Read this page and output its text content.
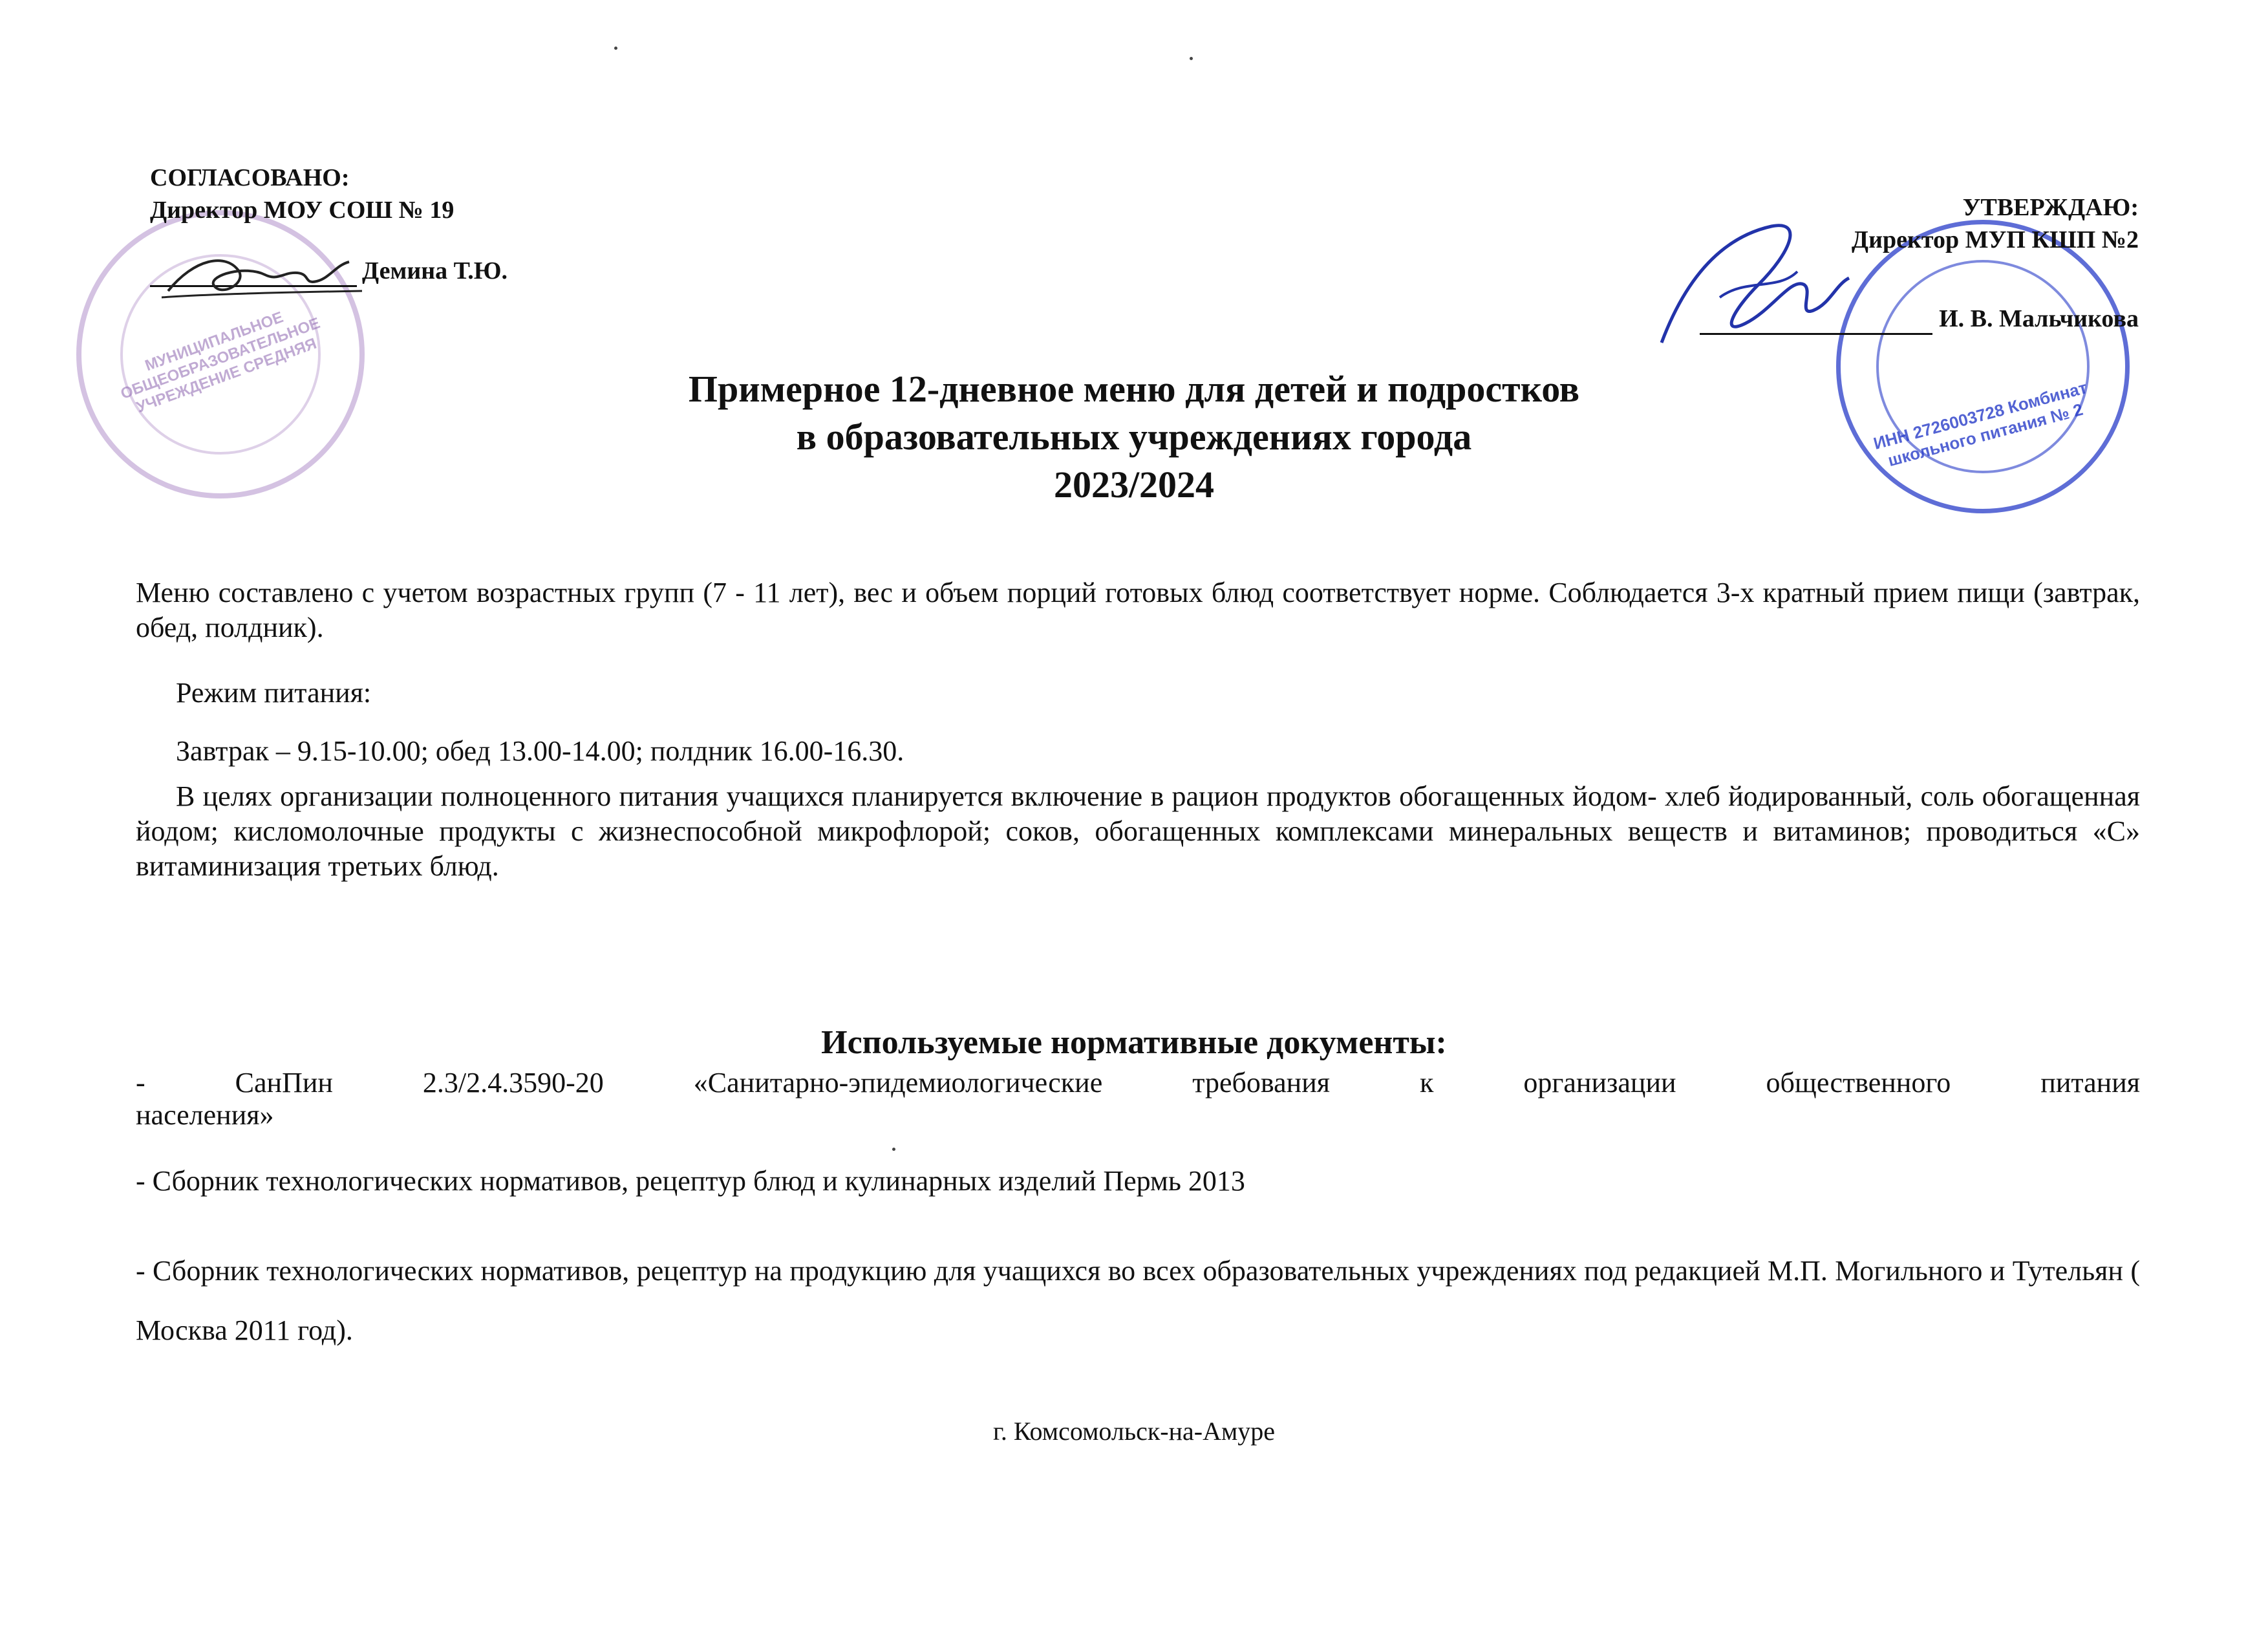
МУНИЦИПАЛЬНОЕ ОБЩЕОБРАЗОВАТЕЛЬНОЕ УЧРЕЖДЕНИЕ СРЕДНЯЯ	ИНН 2726003728 Комбинат школьного питания № 2
СОГЛАСОВАНО:
Директор МОУ СОШ № 19
Демина Т.Ю.
УТВЕРЖДАЮ:
Директор МУП КШП №2
И. В. Мальчикова
Примерное 12-дневное меню для детей и подростков
в образовательных учреждениях города
2023/2024
Меню составлено с учетом возрастных групп (7 - 11 лет), вес и объем порций готовых блюд соответствует норме. Соблюдается 3-х кратный прием пищи (завтрак, обед, полдник).
Режим питания:
Завтрак – 9.15-10.00; обед 13.00-14.00; полдник 16.00-16.30.
В целях организации полноценного питания учащихся планируется включение в рацион продуктов обогащенных йодом- хлеб йодированный, соль обогащенная йодом; кисломолочные продукты с жизнеспособной микрофлорой; соков, обогащенных комплексами минеральных веществ и витаминов; проводиться «С» витаминизация третьих блюд.
Используемые нормативные документы:
- СанПин 2.3/2.4.3590-20 «Санитарно-эпидемиологические требования к организации общественного питания
населения»
- Сборник технологических нормативов, рецептур блюд и кулинарных изделий Пермь 2013
- Сборник технологических нормативов, рецептур на продукцию для учащихся во всех образовательных учреждениях под редакцией М.П. Могильного и Тутельян ( Москва 2011 год).
г. Комсомольск-на-Амуре
